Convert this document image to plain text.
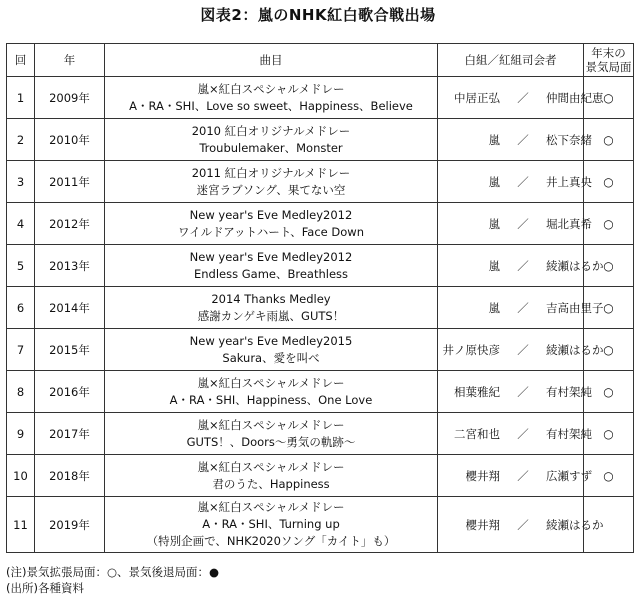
図表2：嵐のNHK紅白歌合戦出場
回	年	曲目	白組／紅組司会者	年末の
景気局面

1	2009年	嵐×紅白スペシャルメドレー
A・RA・SHI、Love so sweet、Happiness、Believe	中居正弘 ／ 仲間由紀恵	○
2	2010年	2010 紅白オリジナルメドレー
Troubulemaker、Monster	嵐 ／ 松下奈緒	○
3	2011年	2011 紅白オリジナルメドレー
迷宮ラブソング、果てない空	嵐 ／ 井上真央	○
4	2012年	New year's Eve Medley2012
ワイルドアットハート、Face Down	嵐 ／ 堀北真希	○
5	2013年	New year's Eve Medley2012
Endless Game、Breathless	嵐 ／ 綾瀬はるか	○
6	2014年	2014 Thanks Medley
感謝カンゲキ雨嵐、GUTS！	嵐 ／ 吉高由里子	○
7	2015年	New year's Eve Medley2015
Sakura、愛を叫べ	井ノ原快彦 ／ 綾瀬はるか	○
8	2016年	嵐×紅白スペシャルメドレー
A・RA・SHI、Happiness、One Love	相葉雅紀 ／ 有村架純	○
9	2017年	嵐×紅白スペシャルメドレー
GUTS！、Doors～勇気の軌跡～	二宮和也 ／ 有村架純	○
10	2018年	嵐×紅白スペシャルメドレー
君のうた、Happiness	櫻井翔 ／ 広瀬すず	○
11	2019年	嵐×紅白スペシャルメドレー
A・RA・SHI、Turning up
（特別企画で、NHK2020ソング「カイト」も）	櫻井翔 ／ 綾瀬はるか	
(注)景気拡張局面：○、景気後退局面：●
(出所)各種資料
